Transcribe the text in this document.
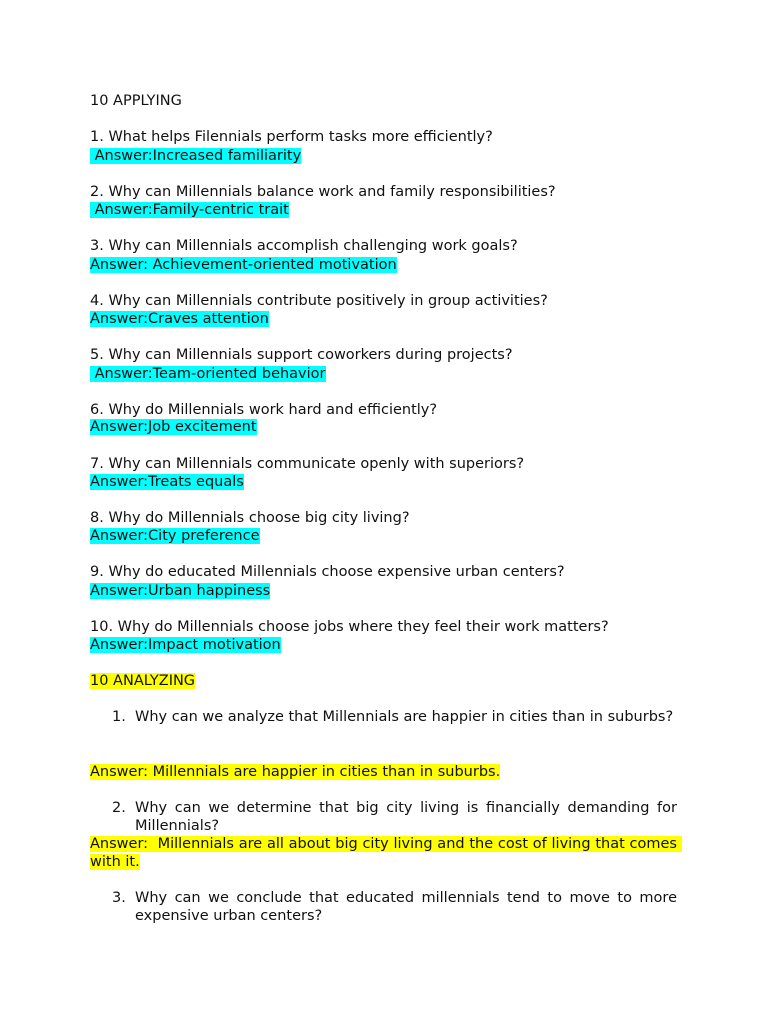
10 APPLYING
1. What helps Filennials perform tasks more efficiently?
Answer:Increased familiarity
2. Why can Millennials balance work and family responsibilities?
Answer:Family-centric trait
3. Why can Millennials accomplish challenging work goals?
Answer: Achievement-oriented motivation
4. Why can Millennials contribute positively in group activities?
Answer:Craves attention
5. Why can Millennials support coworkers during projects?
Answer:Team-oriented behavior
6. Why do Millennials work hard and efficiently?
Answer:Job excitement
7. Why can Millennials communicate openly with superiors?
Answer:Treats equals
8. Why do Millennials choose big city living?
Answer:City preference
9. Why do educated Millennials choose expensive urban centers?
Answer:Urban happiness
10. Why do Millennials choose jobs where they feel their work matters?
Answer:Impact motivation
10 ANALYZING
1. Why can we analyze that Millennials are happier in cities than in suburbs?
Answer: Millennials are happier in cities than in suburbs.
2. Why can we determine that big city living is financially demanding for Millennials?
Answer:  Millennials are all about big city living and the cost of living that comes with it.
3. Why can we conclude that educated millennials tend to move to more expensive urban centers?
